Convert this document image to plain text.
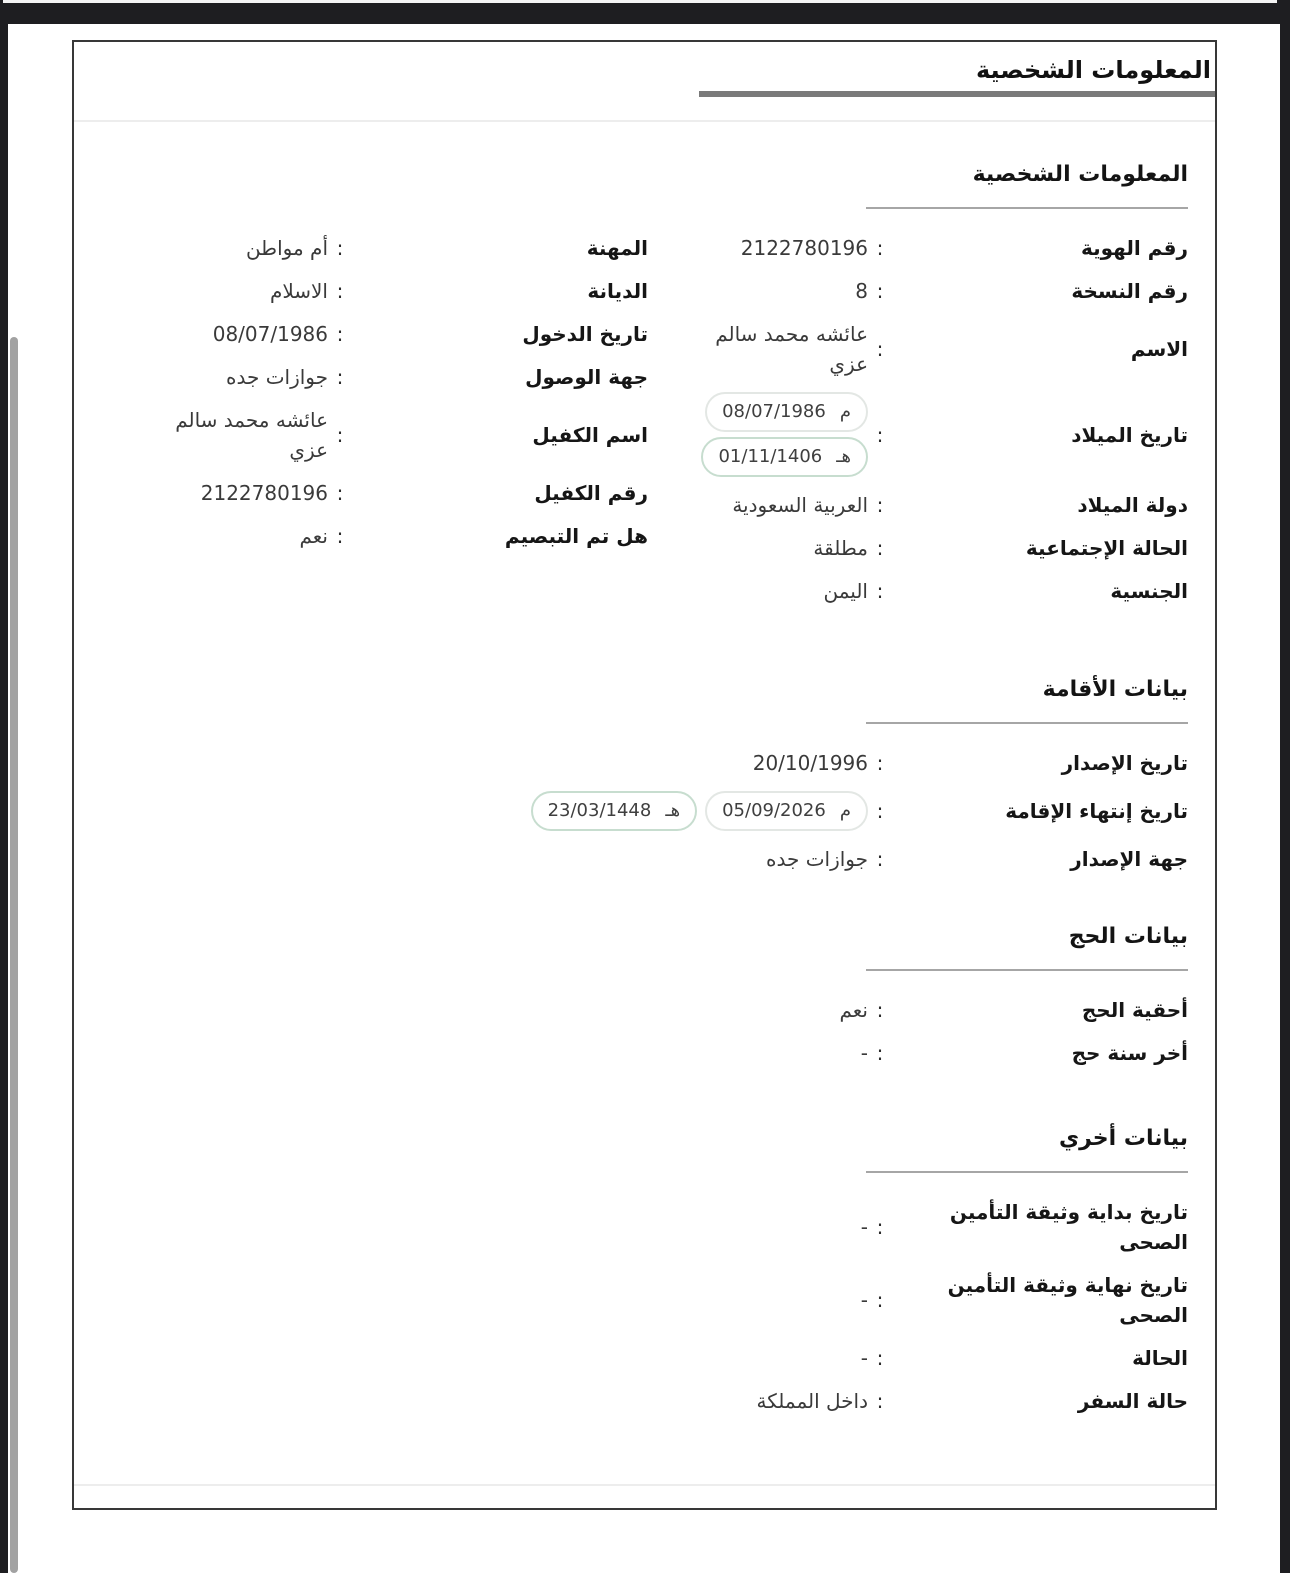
المعلومات الشخصية
المعلومات الشخصية
رقم الهوية
:
2122780196
رقم النسخة
:
8
الاسم
:
عائشه محمد سالم عزي
تاريخ الميلاد
:
م
08/07/1986
هـ
01/11/1406
دولة الميلاد
:
العربية السعودية
الحالة الإجتماعية
:
مطلقة
الجنسية
:
اليمن
المهنة
:
أم مواطن
الديانة
:
الاسلام
تاريخ الدخول
:
08/07/1986
جهة الوصول
:
جوازات جده
اسم الكفيل
:
عائشه محمد سالم عزي
رقم الكفيل
:
2122780196
هل تم التبصيم
:
نعم
بيانات الأقامة
تاريخ الإصدار
:
20/10/1996
تاريخ إنتهاء الإقامة
:
م
05/09/2026
هـ
23/03/1448
جهة الإصدار
:
جوازات جده
بيانات الحج
أحقية الحج
:
نعم
أخر سنة حج
:
-
بيانات أخري
تاريخ بداية وثيقة التأمين الصحى
:
-
تاريخ نهاية وثيقة التأمين الصحى
:
-
الحالة
:
-
حالة السفر
:
داخل المملكة
